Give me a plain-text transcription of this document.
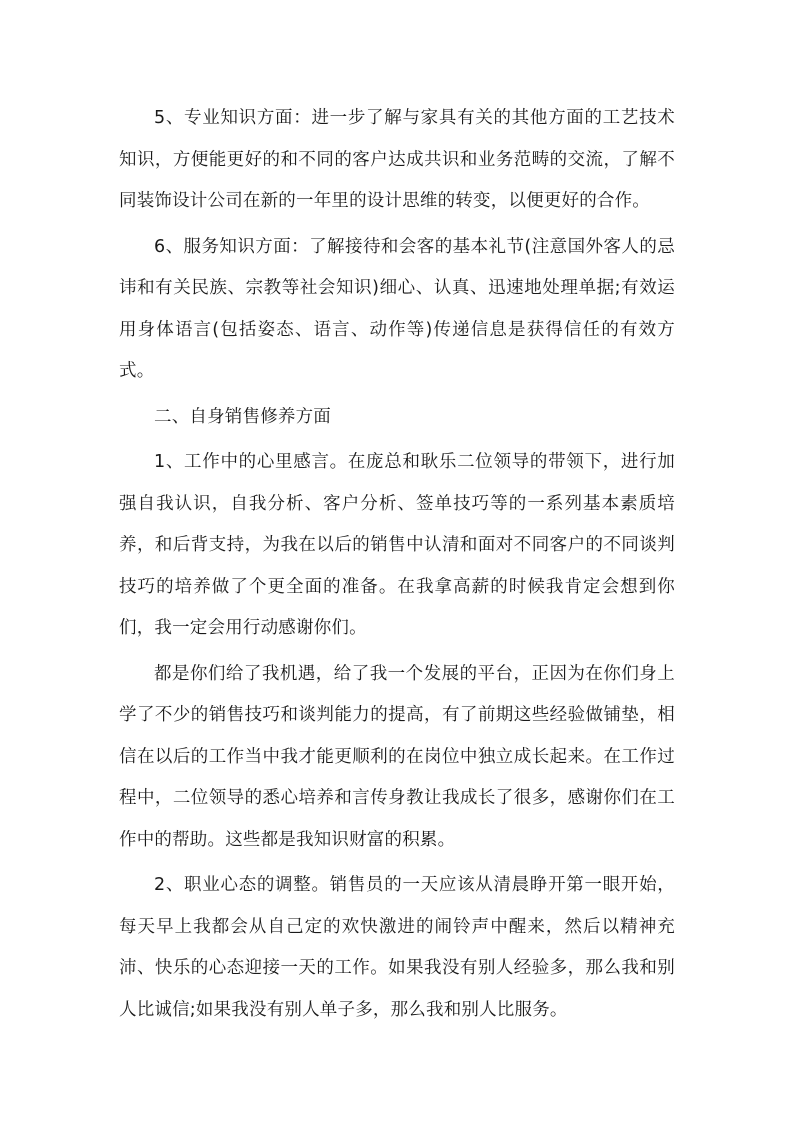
5、专业知识方面：进一步了解与家具有关的其他方面的工艺技术知识，方便能更好的和不同的客户达成共识和业务范畴的交流，了解不同装饰设计公司在新的一年里的设计思维的转变，以便更好的合作。

6、服务知识方面：了解接待和会客的基本礼节(注意国外客人的忌讳和有关民族、宗教等社会知识)细心、认真、迅速地处理单据;有效运用身体语言(包括姿态、语言、动作等)传递信息是获得信任的有效方式。

二、自身销售修养方面

1、工作中的心里感言。在庞总和耿乐二位领导的带领下，进行加强自我认识，自我分析、客户分析、签单技巧等的一系列基本素质培养，和后背支持，为我在以后的销售中认清和面对不同客户的不同谈判技巧的培养做了个更全面的准备。在我拿高薪的时候我肯定会想到你们，我一定会用行动感谢你们。

都是你们给了我机遇，给了我一个发展的平台，正因为在你们身上学了不少的销售技巧和谈判能力的提高，有了前期这些经验做铺垫，相信在以后的工作当中我才能更顺利的在岗位中独立成长起来。在工作过程中，二位领导的悉心培养和言传身教让我成长了很多，感谢你们在工作中的帮助。这些都是我知识财富的积累。

2、职业心态的调整。销售员的一天应该从清晨睁开第一眼开始，每天早上我都会从自己定的欢快激进的闹铃声中醒来，然后以精神充沛、快乐的心态迎接一天的工作。如果我没有别人经验多，那么我和别人比诚信;如果我没有别人单子多，那么我和别人比服务。
